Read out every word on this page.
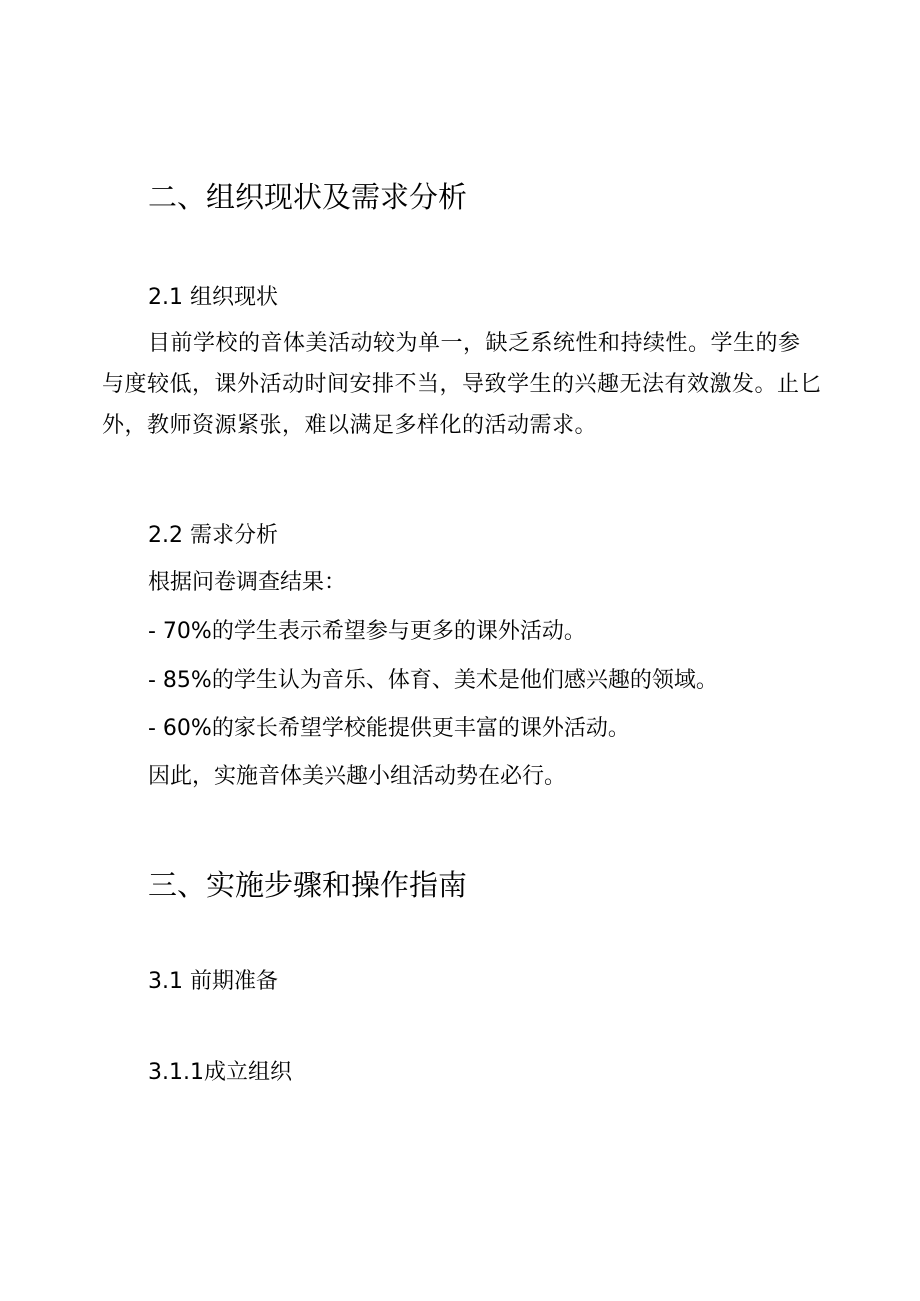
二、组织现状及需求分析
2.1 组织现状

目前学校的音体美活动较为单一，缺乏系统性和持续性。学生的参与度较低，课外活动时间安排不当，导致学生的兴趣无法有效激发。止匕外，教师资源紧张，难以满足多样化的活动需求。

2.2 需求分析

根据问卷调查结果：

- 70%的学生表示希望参与更多的课外活动。

- 85%的学生认为音乐、体育、美术是他们感兴趣的领域。

- 60%的家长希望学校能提供更丰富的课外活动。

因此，实施音体美兴趣小组活动势在必行。

三、实施步骤和操作指南
3.1 前期准备
3.1.1成立组织
